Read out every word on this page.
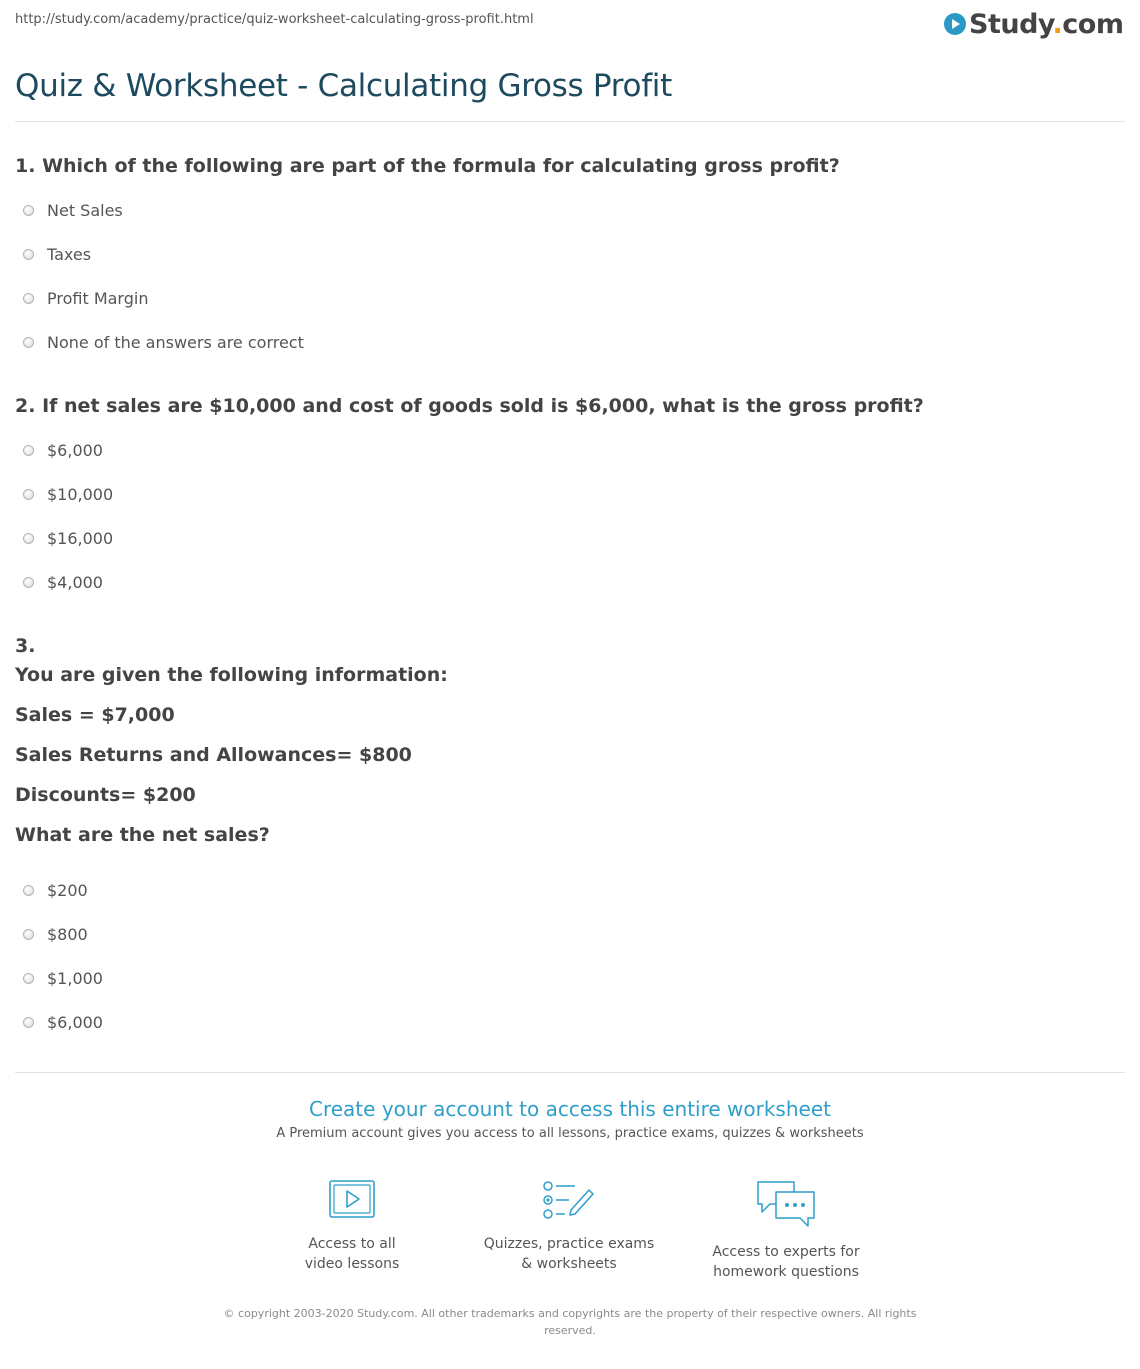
http://study.com/academy/practice/quiz-worksheet-calculating-gross-profit.html	Study.com
Quiz & Worksheet - Calculating Gross Profit
1. Which of the following are part of the formula for calculating gross profit?
Net Sales
Taxes
Profit Margin
None of the answers are correct
2. If net sales are $10,000 and cost of goods sold is $6,000, what is the gross profit?
$6,000
$10,000
$16,000
$4,000
3.
You are given the following information:
Sales = $7,000
Sales Returns and Allowances= $800
Discounts= $200
What are the net sales?
$200
$800
$1,000
$6,000
Create your account to access this entire worksheet
A Premium account gives you access to all lessons, practice exams, quizzes & worksheets
Access to all
video lessons
Quizzes, practice exams
& worksheets
Access to experts for
homework questions
© copyright 2003-2020 Study.com. All other trademarks and copyrights are the property of their respective owners. All rights reserved.
